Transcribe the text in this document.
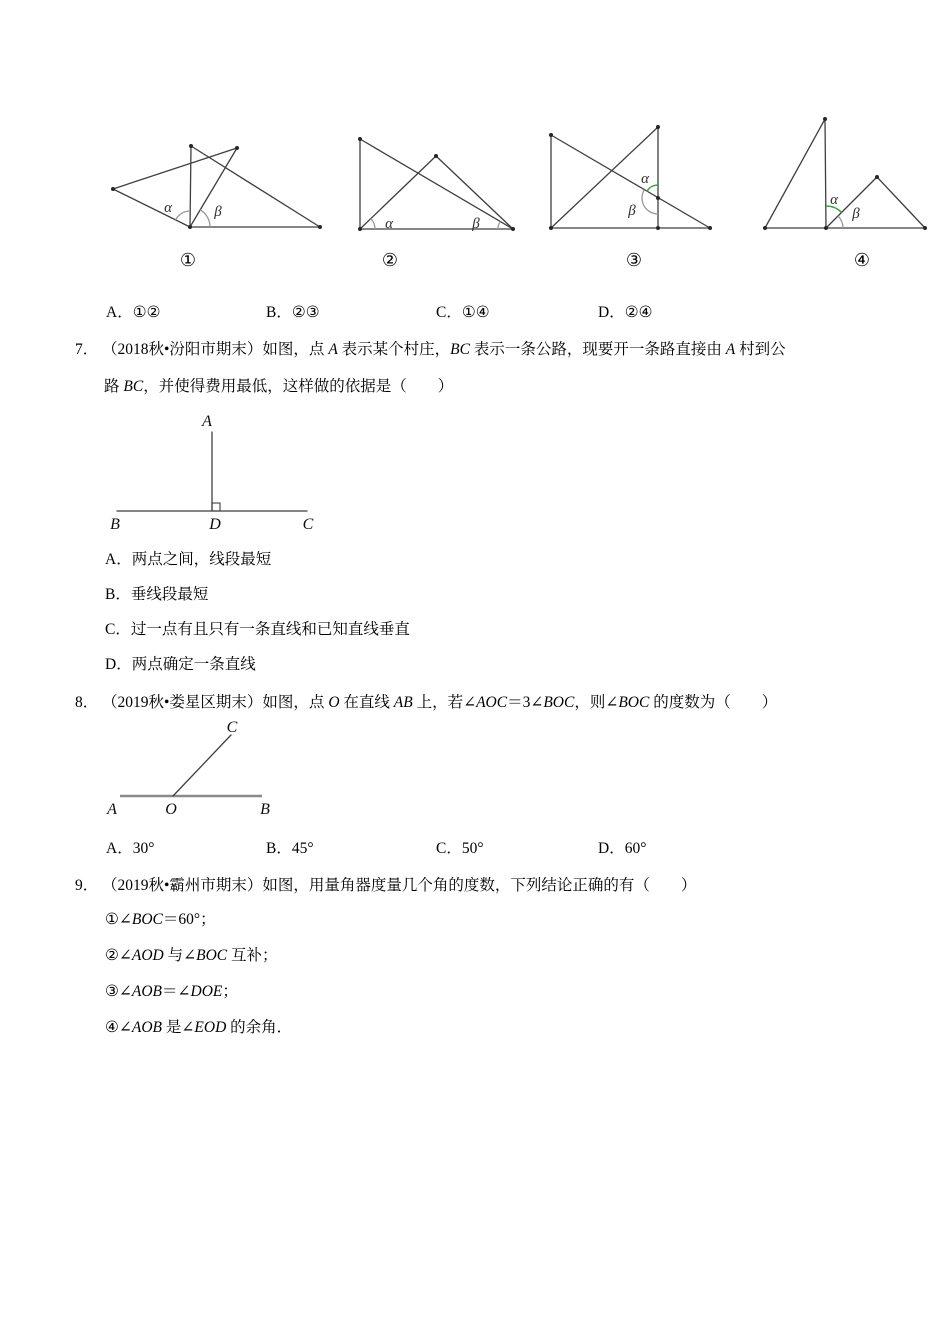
α	β
α	β
α
β
α
β
①	②	③	④
A．①②	B．②③	C．①④	D．②④
7． （2018秋•汾阳市期末）如图，点 A 表示某个村庄，BC 表示一条公路，现要开一条路直接由 A 村到公
路 BC，并使得费用最低，这样做的依据是（　　）
A
B	D	C
A．两点之间，线段最短
B．垂线段最短
C．过一点有且只有一条直线和已知直线垂直
D．两点确定一条直线
8． （2019秋•娄星区期末）如图，点 O 在直线 AB 上，若∠AOC＝3∠BOC，则∠BOC 的度数为（　　）
C
A	O	B
A．30°	B．45°	C．50°	D．60°
9． （2019秋•霸州市期末）如图，用量角器度量几个角的度数，下列结论正确的有（　　）
①∠BOC＝60°；
②∠AOD 与∠BOC 互补；
③∠AOB＝∠DOE；
④∠AOB 是∠EOD 的余角．
